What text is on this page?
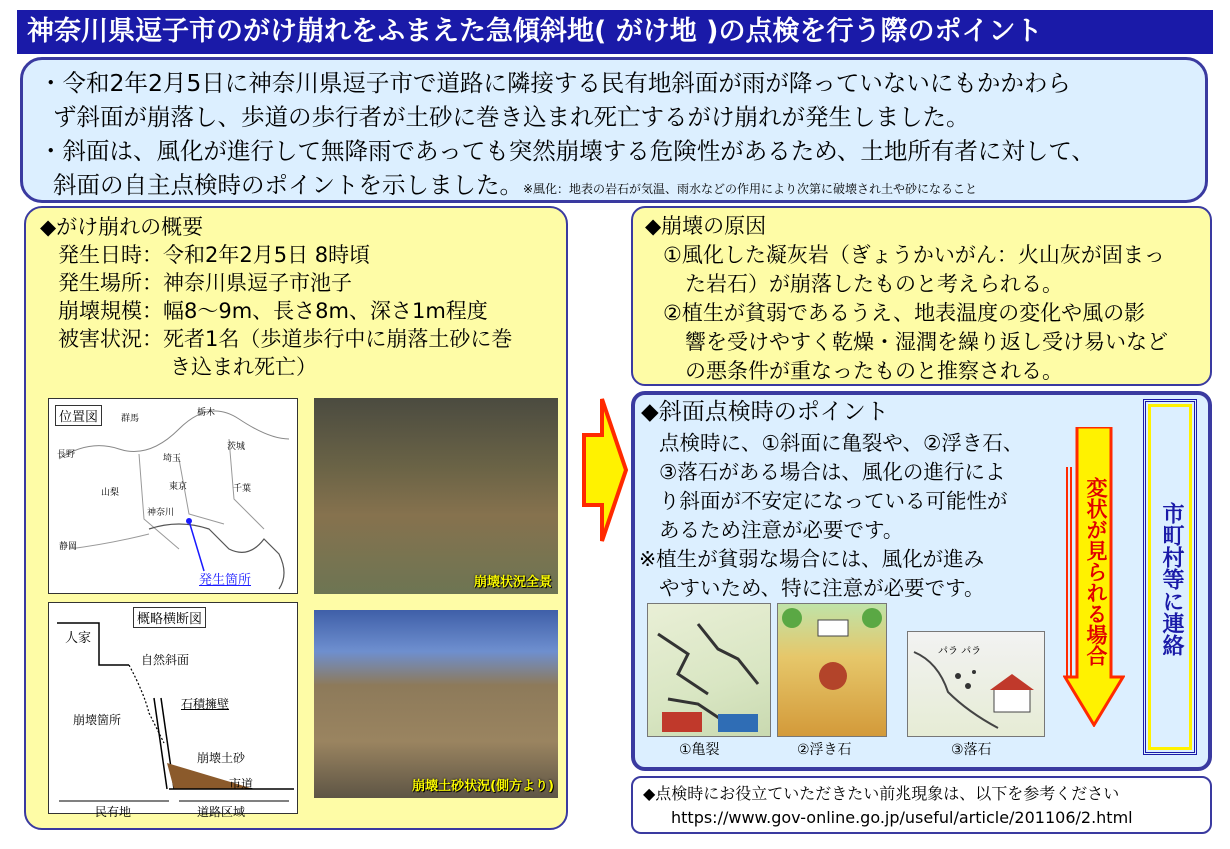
神奈川県逗子市のがけ崩れをふまえた急傾斜地( がけ地 )の点検を行う際のポイント

・令和2年2月5日に神奈川県逗子市で道路に隣接する民有地斜面が雨が降っていないにもかかわら

ず斜面が崩落し、歩道の歩行者が土砂に巻き込まれ死亡するがけ崩れが発生しました。

・斜面は、風化が進行して無降雨であっても突然崩壊する危険性があるため、土地所有者に対して、

斜面の自主点検時のポイントを示しました。※風化：地表の岩石が気温、雨水などの作用により次第に破壊され土や砂になること

◆がけ崩れの概要
発生日時：令和2年2月5日 8時頃
発生場所：神奈川県逗子市池子
崩壊規模：幅8～9m、長さ8m、深さ1m程度
被害状況：死者1名（歩道歩行中に崩落土砂に巻
き込まれ死亡）
位置図	群馬
栃木
茨城
長野	埼玉
山梨
東京	千葉
神奈川
静岡
発生箇所	崩壊状況全景
概略横断図
人家
自然斜面
石積擁壁
崩壊箇所
崩壊土砂
市道
民有地	道路区域
崩壊土砂状況(側方より)
◆崩壊の原因
①風化した凝灰岩（ぎょうかいがん：火山灰が固まっ
た岩石）が崩落したものと考えられる。
②植生が貧弱であるうえ、地表温度の変化や風の影
響を受けやすく乾燥・湿潤を繰り返し受け易いなど
の悪条件が重なったものと推察される。
◆斜面点検時のポイント
点検時に、①斜面に亀裂や、②浮き石、
③落石がある場合は、風化の進行によ
り斜面が不安定になっている可能性が
あるため注意が必要です。
※植生が貧弱な場合には、風化が進み
やすいため、特に注意が必要です。	変状が見られる場合 市町村等に連絡
①亀裂	②浮き石
パラ パラ
③落石
◆点検時にお役立ていただきたい前兆現象は、以下を参考ください
https://www.gov-online.go.jp/useful/article/201106/2.html
